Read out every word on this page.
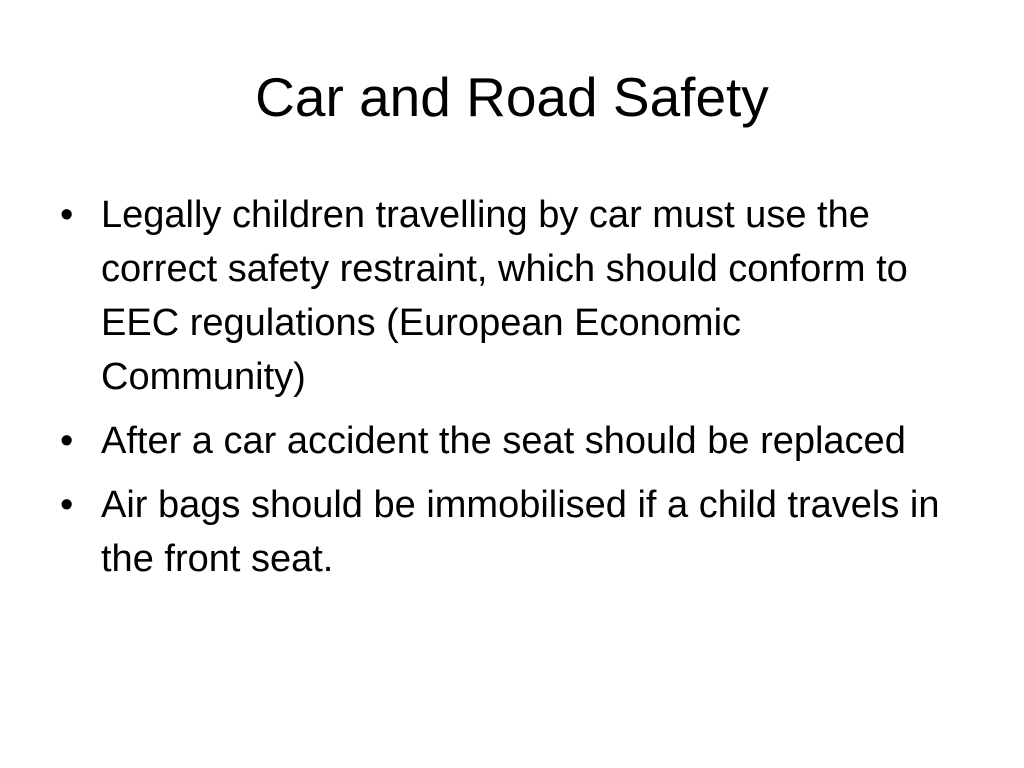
Car and Road Safety
• Legally children travelling by car must use the correct safety restraint, which should conform to EEC regulations (European Economic Community)
• After a car accident the seat should be replaced
• Air bags should be immobilised if a child travels in the front seat.
